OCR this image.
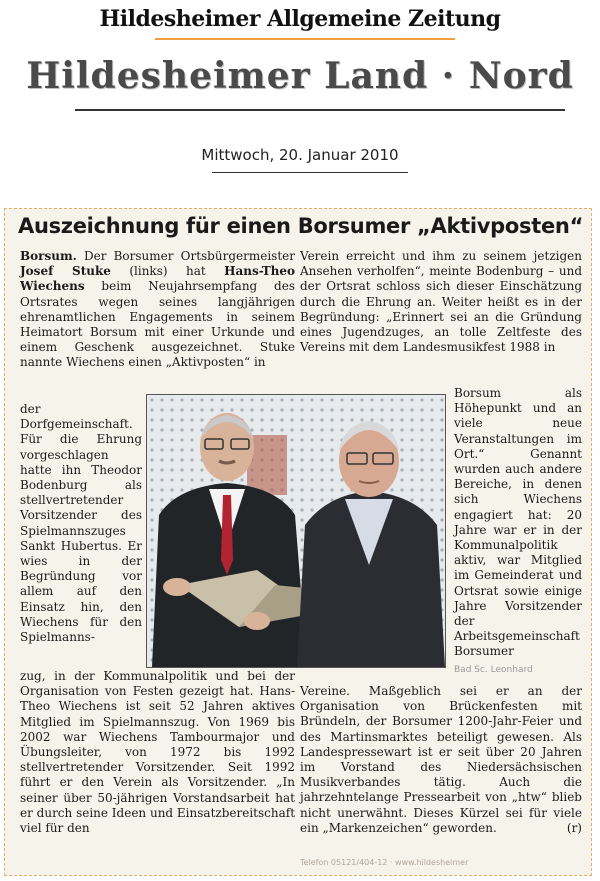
Hildesheimer Allgemeine Zeitung
Hildesheimer Land · Nord
Mittwoch, 20. Januar 2010
Auszeichnung für einen Borsumer „Aktivposten“

Borsum. Der Borsumer Ortsbürgermeister Josef Stuke (links) hat Hans-Theo Wiechens beim Neujahrsempfang des Ortsrates wegen seines langjährigen ehrenamtlichen Engagements in seinem Heimatort Borsum mit einer Urkunde und einem Geschenk ausgezeichnet. Stuke nannte Wiechens einen „Aktivposten“ in

der Dorfgemeinschaft. Für die Ehrung vorgeschlagen hatte ihn Theodor Bodenburg als stellvertretender Vorsitzender des Spielmannszuges Sankt Hubertus. Er wies in der Begründung vor allem auf den Einsatz hin, den Wiechens für den Spielmanns-

zug, in der Kommunalpolitik und bei der Organisation von Festen gezeigt hat. Hans-Theo Wiechens ist seit 52 Jahren aktives Mitglied im Spielmannszug. Von 1969 bis 2002 war Wiechens Tambourmajor und Übungsleiter, von 1972 bis 1992 stellvertretender Vorsitzender. Seit 1992 führt er den Verein als Vorsitzender. „In seiner über 50-jährigen Vorstandsarbeit hat er durch seine Ideen und Einsatzbereitschaft viel für den

Verein erreicht und ihm zu seinem jetzigen Ansehen verholfen“, meinte Bodenburg – und der Ortsrat schloss sich dieser Einschätzung durch die Ehrung an. Weiter heißt es in der Begründung: „Erinnert sei an die Gründung eines Jugendzuges, an tolle Zeltfeste des Vereins mit dem Landesmusikfest 1988 in

Borsum als Höhepunkt und an viele neue Veranstaltungen im Ort.“ Genannt wurden auch andere Bereiche, in denen sich Wiechens engagiert hat: 20 Jahre war er in der Kommunalpolitik aktiv, war Mitglied im Gemeinderat und Ortsrat sowie einige Jahre Vorsitzender der Arbeitsgemeinschaft Borsumer

Vereine. Maßgeblich sei er an der Organisation von Brückenfesten mit Bründeln, der Borsumer 1200-Jahr-Feier und des Martinsmarktes beteiligt gewesen. Als Landespressewart ist er seit über 20 Jahren im Vorstand des Niedersächsischen Musikverbandes tätig. Auch die jahrzehntelange Pressearbeit von „htw“ blieb nicht unerwähnt. Dieses Kürzel sei für viele ein „Markenzeichen“ geworden.	(r)

Bad Sc. Leonhard
Telefon 05121/404-12 · www.hildesheimer
